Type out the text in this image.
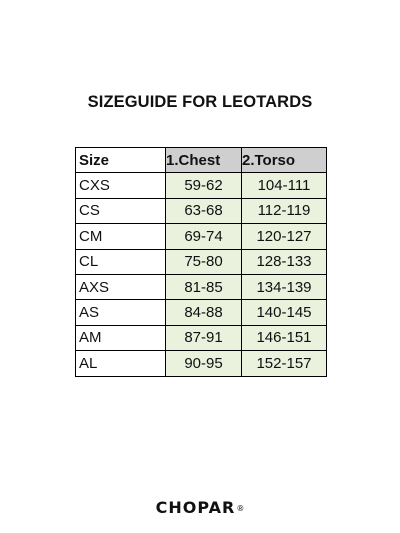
SIZEGUIDE FOR LEOTARDS
Size	1.Chest	2.Torso
CXS	59-62	104-111
CS	63-68	112-119
CM	69-74	120-127
CL	75-80	128-133
AXS	81-85	134-139
AS	84-88	140-145
AM	87-91	146-151
AL	90-95	152-157
CHOPAR®
